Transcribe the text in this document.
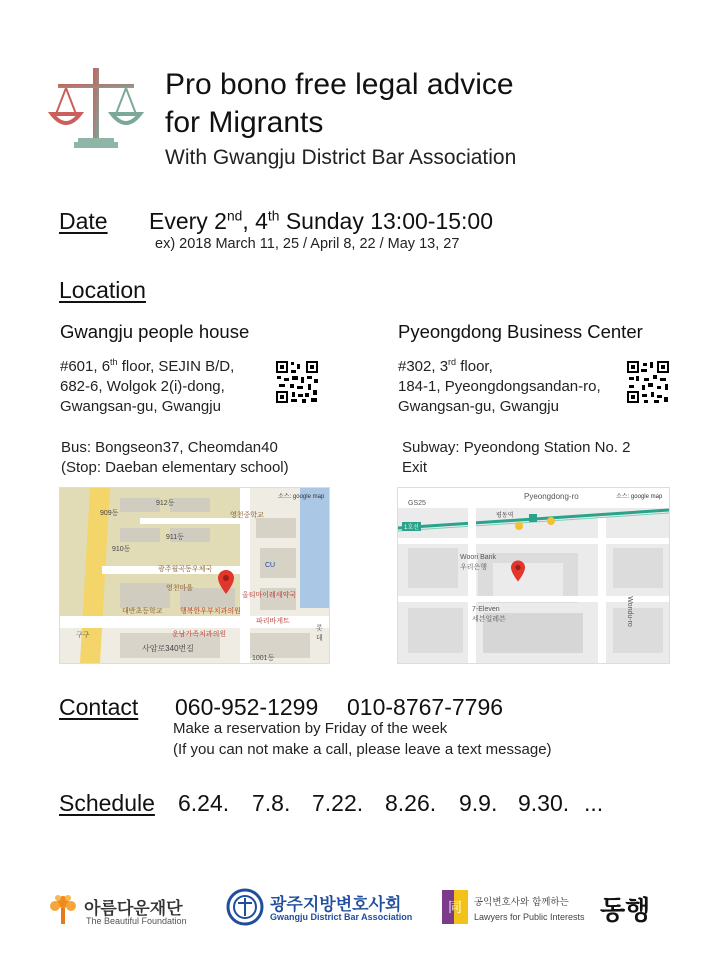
Pro bono free legal advice
for Migrants
With Gwangju District Bar Association
Date Every 2nd, 4th Sunday 13:00-15:00
ex) 2018 March 11, 25 / April 8, 22 / May 13, 27
Location
Gwangju people house
#601, 6th floor, SEJIN B/D,
682-6, Wolgok 2(i)-dong,
Gwangsan-gu, Gwangju
Bus: Bongseon37, Cheomdan40
(Stop: Daeban elementary school)
소스: google map
909동
912동
911동
910동
영천중학교
광주월곡동우체국
CU
대반초등학교
영천마을
행복한우부치과의원
올티마이레세약국
파리바게트
운남가족치과의원
구구
사암로340번길
1001동
롯데
Pyeongdong Business Center
#302, 3rd floor,
184-1, Pyeongdongsandan-ro,
Gwangsan-gu, Gwangju
Subway: Pyeondong Station No. 2
Exit
소스: google map
Pyeongdong-ro
GS25
평동역
Woori Bank
우리은행
7-Eleven
세븐일레븐	Wondu-ro
1호선
Contact 060-952-1299 010-8767-7796
Make a reservation by Friday of the week
(If you can not make a call, please leave a text message)
Schedule 6.24. 7.8. 7.22. 8.26. 9.9. 9.30. ...
아름다운재단
The Beautiful Foundation
광주지방변호사회
Gwangju District Bar Association
同 공익변호사와 함께하는
Lawyers for Public Interests 동행
